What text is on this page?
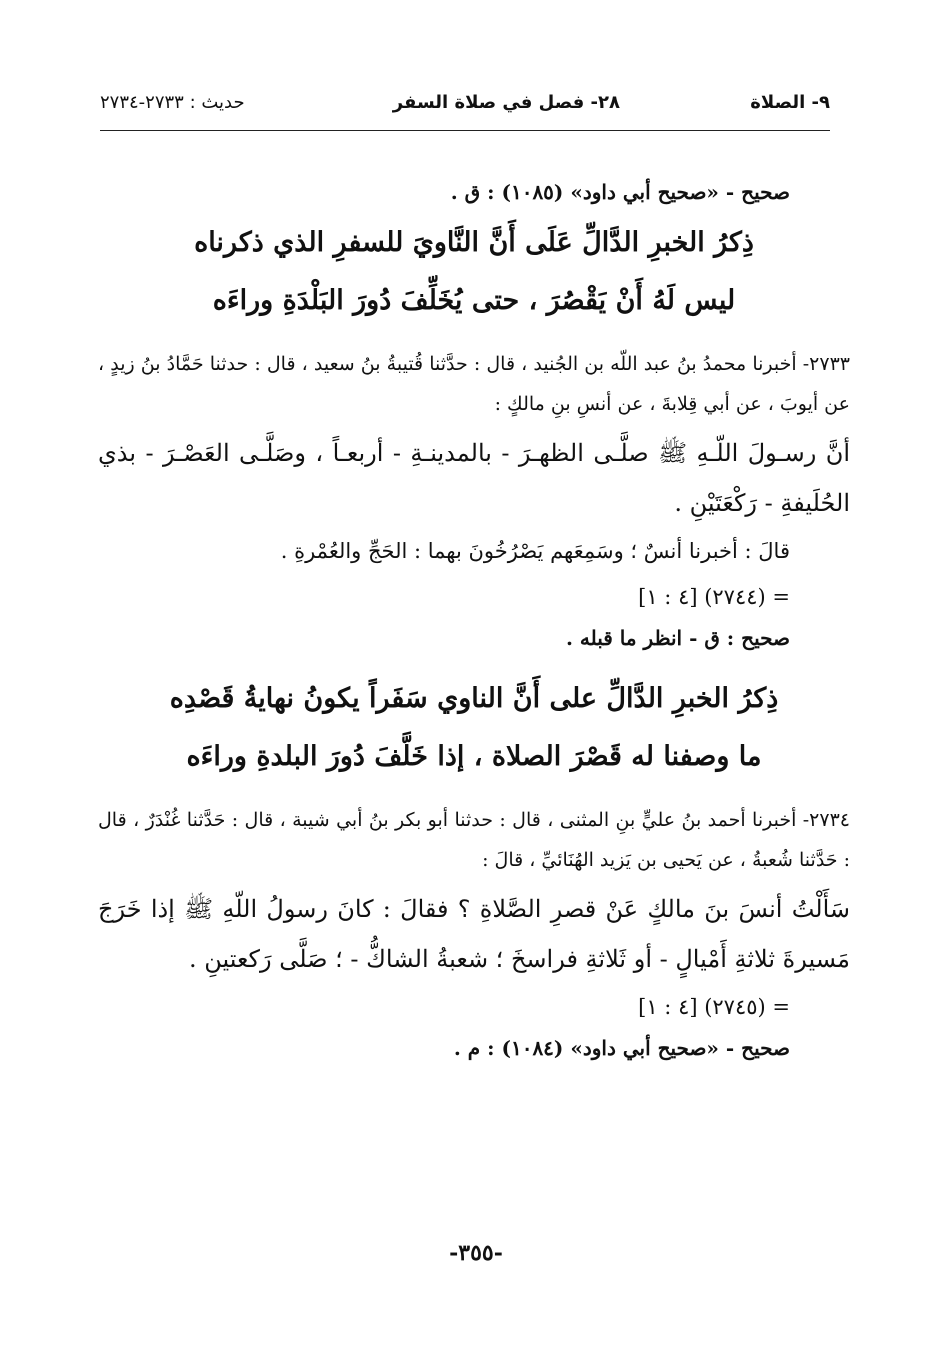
٩- الصلاة
٢٨- فصل في صلاة السفر
حديث : ٢٧٣٣-٢٧٣٤

صحيح - «صحيح أبي داود» (١٠٨٥) : ق .

ذِكرُ الخبرِ الدَّالِّ عَلَى أَنَّ النَّاويَ للسفرِ الذي ذكرناه ليس لَهُ أَنْ يَقْصُرَ ، حتى يُخَلِّفَ دُورَ البَلْدَةِ وراءَه

٢٧٣٣- أخبرنا محمدُ بنُ عبد اللّه بن الجُنيد ، قال : حدَّثنا قُتيبةُ بنُ سعيد ، قال : حدثنا حَمَّادُ بنُ زيدٍ ، عن أيوبَ ، عن أبي قِلابةَ ، عن أنسِ بنِ مالكٍ :

أنَّ رسـولَ اللّـهِ ﷺ صلَّـى الظهـرَ - بالمدينـةِ - أربعـاً ، وصَلَّـى العَصْـرَ - بذي الحُلَيفةِ - رَكْعَتَيْنِ .

قالَ : أخبرنا أنسٌ ؛ وسَمِعَهم يَصْرُخُونَ بهما : الحَجِّ والعُمْرةِ .

= (٢٧٤٤) [٤ : ١]

صحيح : ق - انظر ما قبله .

ذِكرُ الخبرِ الدَّالِّ على أَنَّ الناوي سَفَراً يكونُ نهايةُ قَصْدِه ما وصفنا له قَصْرَ الصلاة ، إذا خَلَّفَ دُورَ البلدةِ وراءَه

٢٧٣٤- أخبرنا أحمد بنُ عليٍّ بنِ المثنى ، قال : حدثنا أبو بكر بنُ أبي شيبة ، قال : حَدَّثنا غُنْدَرٌ ، قال : حَدَّثنا شُعبةُ ، عن يَحيى بن يَزيد الهُنَائيِّ ، قالَ :

سَأَلْتُ أنسَ بنَ مالكٍ عَنْ قصرِ الصَّلاةِ ؟ فقالَ : كانَ رسولُ اللّهِ ﷺ إذا خَرَجَ مَسيرةَ ثلاثةِ أَمْيالٍ - أو ثَلاثةِ فراسخَ ؛ شعبةُ الشاكُّ - ؛ صَلَّى رَكعتينِ .

= (٢٧٤٥) [٤ : ١]

صحيح - «صحيح أبي داود» (١٠٨٤) : م .

-٣٥٥-
